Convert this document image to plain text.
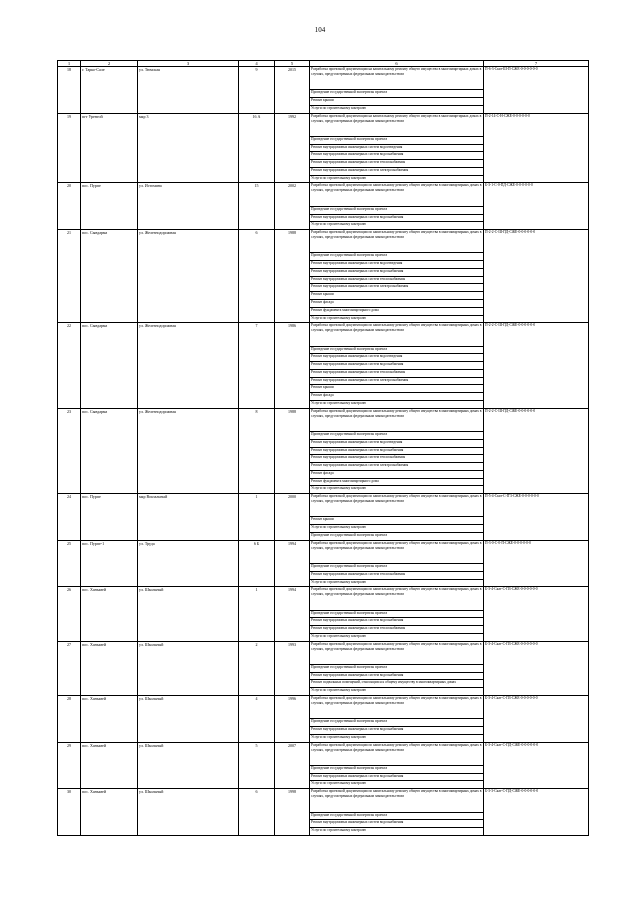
104
1	2	3	4	5	6	7
18	г. Тарко-Сале	ул. Тюмская	9	2015	Разработка проектной документации на капитальному ремонту общего имущества в многоквартирных домах в случаях, предусмотренных федеральным законодательством	П-6-3-Скат-Ш-П-СЖЕ-0-0-0-0-0-0
					Проведение государственной экспертизы проекта	
					Ремонт крыши	
					Услуги по строительному контролю	
19	пгт Уренгой	мкр 3	16 А	1992	Разработка проектной документации на капитальному ремонту общего имущества в многоквартирных домах в случаях, предусмотренных федеральным законодательством	П-2-14-С-Н-СЖЕ-0-0-0-0-0-0
					Проведение государственной экспертизы проекта	
					Ремонт внутридомовых инженерных систем водоотведения	
					Ремонт внутридомовых инженерных систем водоснабжения	
					Ремонт внутридомовых инженерных систем теплоснабжения	
					Ремонт внутридомовых инженерных систем электроснабжения	
					Услуги по строительному контролю	
20	пос. Пурпе	ул. Истомина	15	2002	Разработка проектной документации по капитальному ремонту общего имущества в многоквартирных домах в случаях, предусмотренных федеральным законодательством	Б-3-1-С-0-ПД-СЖЕ-0-0-0-0-0-0
					Проведение государственной экспертизы проекта	
					Ремонт внутридомовых инженерных систем водоснабжения	
					Услуги по строительному контролю	
21	пос. Сывдарма	ул. Железнодорожная	6	1988	Разработка проектной документации по капитальному ремонту общего имущества в многоквартирных домах в случаях, предусмотренных федеральным законодательством	П-2-2-С-Ш-ПД-СЖЕ-0-0-0-0-0-0
					Проведение государственной экспертизы проекта	
					Ремонт внутридомовых инженерных систем водоотведения	
					Ремонт внутридомовых инженерных систем водоснабжения	
					Ремонт внутридомовых инженерных систем теплоснабжения	
					Ремонт внутридомовых инженерных систем электроснабжения	
					Ремонт крыши	
					Ремонт фасада	
					Ремонт фундамента многоквартирного дома	
					Услуги по строительному контролю	
22	пос. Сывдарма	ул. Железнодорожная	7	1986	Разработка проектной документации по капитальному ремонту общего имущества в многоквартирных домах в случаях, предусмотренных федеральным законодательством	П-2-2-С-Ш-ПД-СЖЕ-0-0-0-0-0-0
					Проведение государственной экспертизы проекта	
					Ремонт внутридомовых инженерных систем водоотведения	
					Ремонт внутридомовых инженерных систем водоснабжения	
					Ремонт внутридомовых инженерных систем теплоснабжения	
					Ремонт внутридомовых инженерных систем электроснабжения	
					Ремонт крыши	
					Ремонт фасада	
					Услуги по строительному контролю	
23	пос. Сывдарма	ул. Железнодорожная	8	1988	Разработка проектной документации по капитальному ремонту общего имущества в многоквартирных домах в случаях, предусмотренных федеральным законодательством	П-2-2-С-Ш-ПД-СЖЕ-0-0-0-0-0-0
					Проведение государственной экспертизы проекта	
					Ремонт внутридомовых инженерных систем водоотведения	
					Ремонт внутридомовых инженерных систем водоснабжения	
					Ремонт внутридомовых инженерных систем теплоснабжения	
					Ремонт внутридомовых инженерных систем электроснабжения	
					Ремонт фасада	
					Ремонт фундамента многоквартирного дома	
					Услуги по строительному контролю	
24	пос. Пурпе	мкр Вокзальный	1	2000	Разработка проектной документации по капитальному ремонту общего имущества в многоквартирных домах в случаях, предусмотренных федеральным законодательством	П-5-4-Скат-С-П'3-СЖЕ-0-0-0-0-0-0
					Ремонт крыши	
					Услуги по строительному контролю	
					Проведение государственной экспертизы проекта	
25	пос. Пурпе-1	ул. Труда	6 Б	1994	Разработка проектной документации по капитальному ремонту общего имущества в многоквартирных домах в случаях, предусмотренных федеральным законодательством	П-3-0-С-0-П-СЖЕ-0-0-0-0-0-0
					Проведение государственной экспертизы проекта	
					Ремонт внутридомовых инженерных систем теплоснабжения	
					Услуги по строительному контролю	
26	пос. Ханымей	ул. Школьный	1	1994	Разработка проектной документации по капитальному ремонту общего имущества в многоквартирных домах в случаях, предусмотренных федеральным законодательством	Б-3-4-Скат-С-ПЗ-СЖЕ-0-0-0-0-0-0
					Проведение государственной экспертизы проекта	
					Ремонт внутридомовых инженерных систем водоснабжения	
					Ремонт внутридомовых инженерных систем теплоснабжения	
					Услуги по строительному контролю	
27	пос. Ханымей	ул. Школьный	2	1993	Разработка проектной документации по капитальному ремонту общего имущества в многоквартирных домах в случаях, предусмотренных федеральным законодательством	Б-3-4-Скат-С-ПЗ-СЖЕ-0-0-0-0-0-0
					Проведение государственной экспертизы проекта	
					Ремонт внутридомовых инженерных систем водоснабжения	
					Ремонт подвальных помещений, относящихся к общему имуществу в многоквартирных домах	
					Услуги по строительному контролю	
28	пос. Ханымей	ул. Школьный	4	1996	Разработка проектной документации по капитальному ремонту общего имущества в многоквартирных домах в случаях, предусмотренных федеральным законодательством	Б-3-4-Скат-С-ПЗ-СЖЕ-0-0-0-0-0-0
					Проведение государственной экспертизы проекта	
					Ремонт внутридомовых инженерных систем водоснабжения	
					Услуги по строительному контролю	
29	пос. Ханымей	ул. Школьный	5	2007	Разработка проектной документации по капитальному ремонту общего имущества в многоквартирных домах в случаях, предусмотренных федеральным законодательством	Б-3-4-Скат-С-ПД-СЖЕ-0-0-0-0-0-0
					Проведение государственной экспертизы проекта	
					Ремонт внутридомовых инженерных систем водоснабжения	
					Услуги по строительному контролю	
30	пос. Ханымей	ул. Школьный	6	1998	Разработка проектной документации по капитальному ремонту общего имущества в многоквартирных домах в случаях, предусмотренных федеральным законодательством	Б-3-3-Скат-С-ПД-СЖЕ-0-0-0-0-0-0
					Проведение государственной экспертизы проекта	
					Ремонт внутридомовых инженерных систем водоснабжения	
					Услуги по строительному контролю	
